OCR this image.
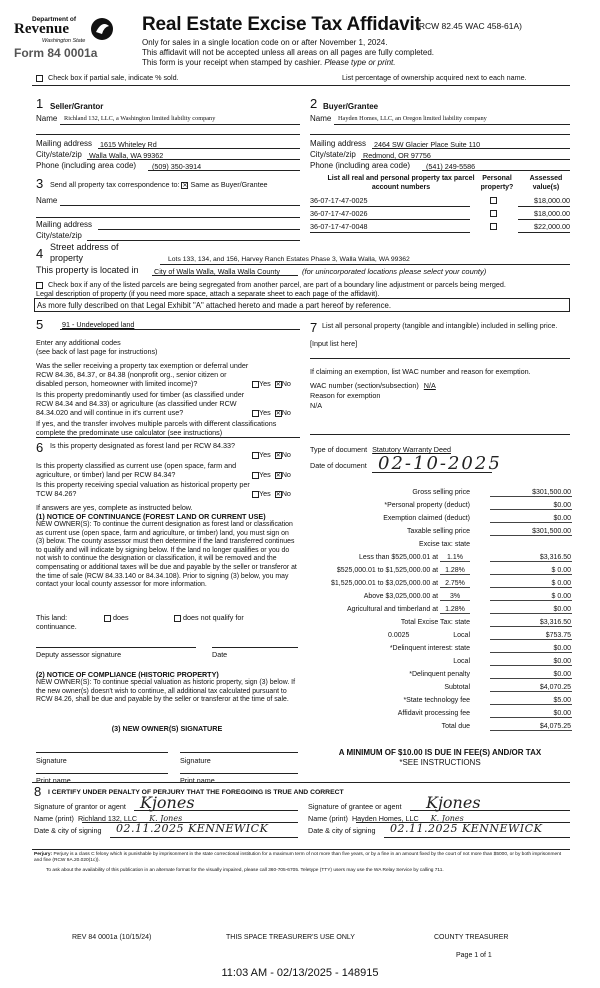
Department of
Revenue
Washington State
Form 84 0001a
Real Estate Excise Tax Affidavit
(RCW 82.45 WAC 458-61A)
Only for sales in a single location code on or after November 1, 2024.
This affidavit will not be accepted unless all areas on all pages are fully completed.
This form is your receipt when stamped by cashier. Please type or print.
Check box if partial sale, indicate % sold.	List percentage of ownership acquired next to each name.
1 Seller/Grantor
Name Richland 132, LLC, a Washington limited liability company
Mailing address 1615 Whiteley Rd
City/state/zip Walla Walla, WA 99362
Phone (including area code) (509) 350-3914
2 Buyer/Grantee
Name Hayden Homes, LLC, an Oregon limited liability company
Mailing address 2464 SW Glacier Place Suite 110
City/state/zip Redmond, OR 97756
Phone (including area code) (541) 249-5586
3 Send all property tax correspondence to: ✕ Same as Buyer/Grantee
Name
Mailing address
City/state/zip
List all real and personal property tax parcel account numbers
Personal property?
Assessed value(s)
36-07-17-47-0025	$18,000.00
36-07-17-47-0026	$18,000.00
36-07-17-47-0048	$22,000.00
4 Street address of
property	Lots 133, 134, and 156, Harvey Ranch Estates Phase 3, Walla Walla, WA 99362
This property is located in City of Walla Walla, Walla Walla County	(for unincorporated locations please select your county)
Check box if any of the listed parcels are being segregated from another parcel, are part of a boundary line adjustment or parcels being merged.
Legal description of property (if you need more space, attach a separate sheet to each page of the affidavit).
As more fully described on that Legal Exhibit "A" attached hereto and made a part hereof by reference.
5	91 - Undeveloped land
Enter any additional codes
(see back of last page for instructions)
Was the seller receiving a property tax exemption or deferral under RCW 84.36, 84.37, or 84.38 (nonprofit org., senior citizen or disabled person, homeowner with limited income)?	Yes ✕No
Is this property predominantly used for timber (as classified under RCW 84.34 and 84.33) or agriculture (as classified under RCW 84.34.020 and will continue in it's current use?	Yes ✕No
If yes, and the transfer involves multiple parcels with different classifications complete the predominate use calculator (see instructions)
6 Is this property designated as forest land per RCW 84.33?
Yes ✕No
Is this property classified as current use (open space, farm and agriculture, or timber) land per RCW 84.34?	Yes ✕No
Is this property receiving special valuation as historical property per TCW 84.26?	Yes ✕No
If answers are yes, complete as instructed below.
(1) NOTICE OF CONTINUANCE (FOREST LAND OR CURRENT USE)
NEW OWNER(S): To continue the current designation as forest land or classification as current use (open space, farm and agriculture, or timber) land, you must sign on (3) below. The county assessor must then determine if the land transferred continues to qualify and will indicate by signing below. If the land no longer qualifies or you do not wish to continue the designation or classification, it will be removed and the compensating or additional taxes will be due and payable by the seller or transferor at the time of sale (RCW 84.33.140 or 84.34.108). Prior to signing (3) below, you may contact your local county assessor for more information.
This land:	does	does not qualify for
continuance.
Deputy assessor signature	Date
(2) NOTICE OF COMPLIANCE (HISTORIC PROPERTY)
NEW OWNER(S): To continue special valuation as historic property, sign (3) below. If the new owner(s) doesn't wish to continue, all additional tax calculated pursuant to RCW 84.26, shall be due and payable by the seller or transferor at the time of sale.
(3) NEW OWNER(S) SIGNATURE
Signature	Signature
Print name	Print name
7 List all personal property (tangible and intangible) included in selling price.
[Input list here]
If claiming an exemption, list WAC number and reason for exemption.
WAC number (section/subsection) N/A
Reason for exemption
N/A
Type of document Statutory Warranty Deed
Date of document 02-10-2025
Gross selling price	$301,500.00
*Personal property (deduct)	$0.00
Exemption claimed (deduct)	$0.00
Taxable selling price	$301,500.00
Excise tax: state
Less than $525,000.01 at 1.1%	$3,316.50
$525,000.01 to $1,525,000.00 at 1.28%	$ 0.00
$1,525,000.01 to $3,025,000.00 at 2.75%	$ 0.00
Above $3,025,000.00 at 3%	$ 0.00
Agricultural and timberland at 1.28%	$0.00
Total Excise Tax: state	$3,316.50
0.0025	Local	$753.75
*Delinquent interest: state	$0.00
Local	$0.00
*Delinquent penalty	$0.00
Subtotal	$4,070.25
*State technology fee	$5.00
Affidavit processing fee	$0.00
Total due	$4,075.25
A MINIMUM OF $10.00 IS DUE IN FEE(S) AND/OR TAX
*SEE INSTRUCTIONS
8 I CERTIFY UNDER PENALTY OF PERJURY THAT THE FOREGOING IS TRUE AND CORRECT
Signature of grantor or agent Kjones
Name (print) Richland 132, LLC K. Jones
Date & city of signing 02.11.2025 KENNEWICK
Signature of grantee or agent Kjones
Name (print) Hayden Homes, LLC K. Jones
Date & city of signing 02.11.2025 KENNEWICK
Perjury: Perjury is a class C felony which is punishable by imprisonment in the state correctional institution for a maximum term of not more than five years, or by a fine in an amount fixed by the court of not more than $5000, or by both imprisonment and fine (RCW 9A.20.020(1c)).
To ask about the availability of this publication in an alternate format for the visually impaired, please call 360-705-6705. Teletype (TTY) users may use the WA Relay Service by calling 711.
REV 84 0001a (10/15/24)	THIS SPACE TREASURER'S USE ONLY	COUNTY TREASURER
Page 1 of 1
11:03 AM - 02/13/2025 - 148915
